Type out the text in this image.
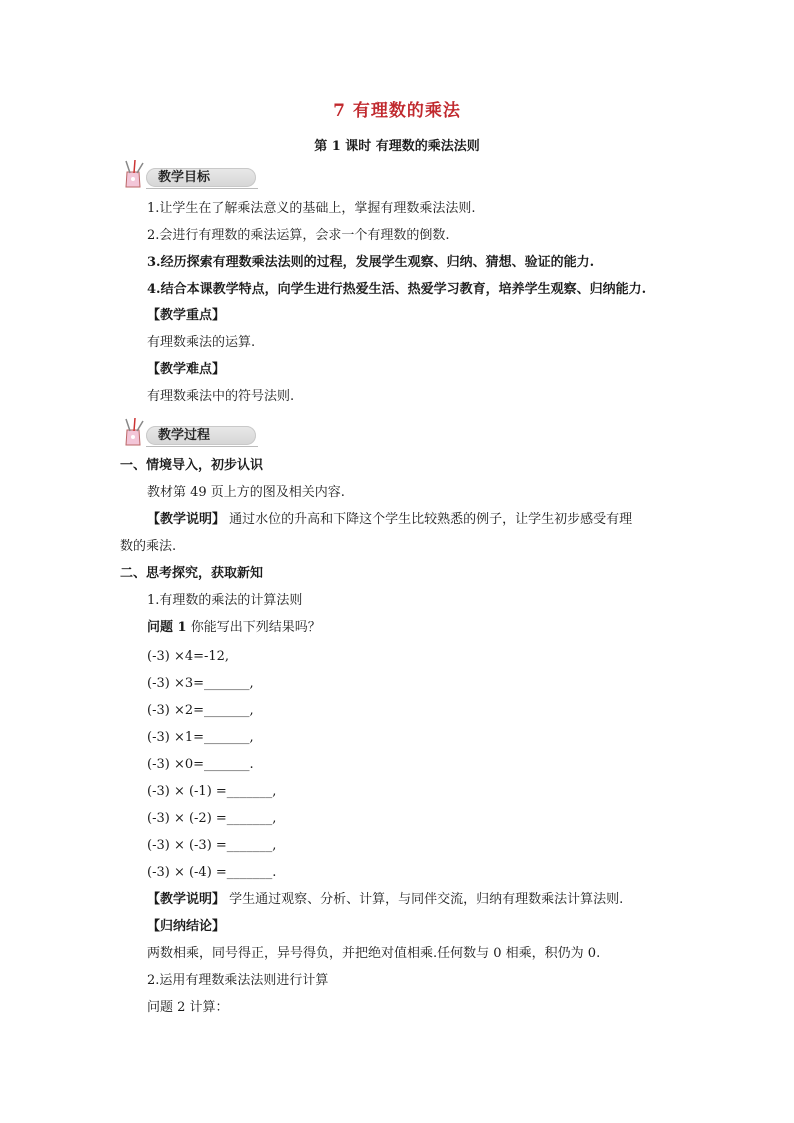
7 有理数的乘法
第 1 课时 有理数的乘法法则
教学目标
1.让学生在了解乘法意义的基础上，掌握有理数乘法法则.
2.会进行有理数的乘法运算，会求一个有理数的倒数.
3.经历探索有理数乘法法则的过程，发展学生观察、归纳、猜想、验证的能力.
4.结合本课教学特点，向学生进行热爱生活、热爱学习教育，培养学生观察、归纳能力.
【教学重点】
有理数乘法的运算.
【教学难点】
有理数乘法中的符号法则.
教学过程
一、情境导入，初步认识
教材第 49 页上方的图及相关内容.
【教学说明】 通过水位的升高和下降这个学生比较熟悉的例子，让学生初步感受有理
数的乘法.
二、思考探究，获取新知
1.有理数的乘法的计算法则
问题 1 你能写出下列结果吗？
(-3) ×4=-12,
(-3) ×3=_______,
(-3) ×2=_______,
(-3) ×1=_______,
(-3) ×0=_______.
(-3) × (-1) =_______,
(-3) × (-2) =_______,
(-3) × (-3) =_______,
(-3) × (-4) =_______.
【教学说明】 学生通过观察、分析、计算，与同伴交流，归纳有理数乘法计算法则.
【归纳结论】
两数相乘，同号得正，异号得负，并把绝对值相乘.任何数与 0 相乘，积仍为 0.
2.运用有理数乘法法则进行计算
问题 2 计算：
